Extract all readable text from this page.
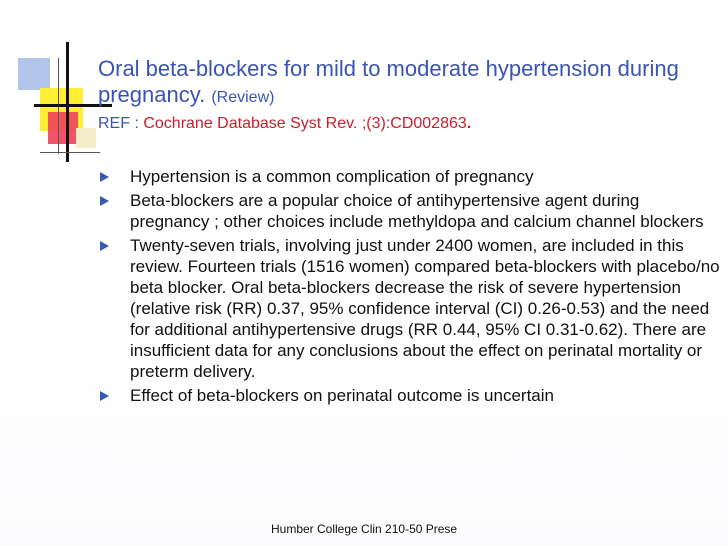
Oral beta-blockers for mild to moderate hypertension during pregnancy. (Review)
REF : Cochrane Database Syst Rev. ;(3):CD002863.
Hypertension is a common complication of pregnancy
Beta-blockers are a popular choice of antihypertensive agent during pregnancy ; other choices include methyldopa and calcium channel blockers
Twenty-seven trials, involving just under 2400 women, are included in this review. Fourteen trials (1516 women) compared beta-blockers with placebo/no beta blocker. Oral beta-blockers decrease the risk of severe hypertension (relative risk (RR) 0.37, 95% confidence interval (CI) 0.26-0.53) and the need for additional antihypertensive drugs (RR 0.44, 95% CI 0.31-0.62). There are insufficient data for any conclusions about the effect on perinatal mortality or preterm delivery.
Effect of beta-blockers on perinatal outcome is uncertain
Humber College Clin 210-50 Prese
